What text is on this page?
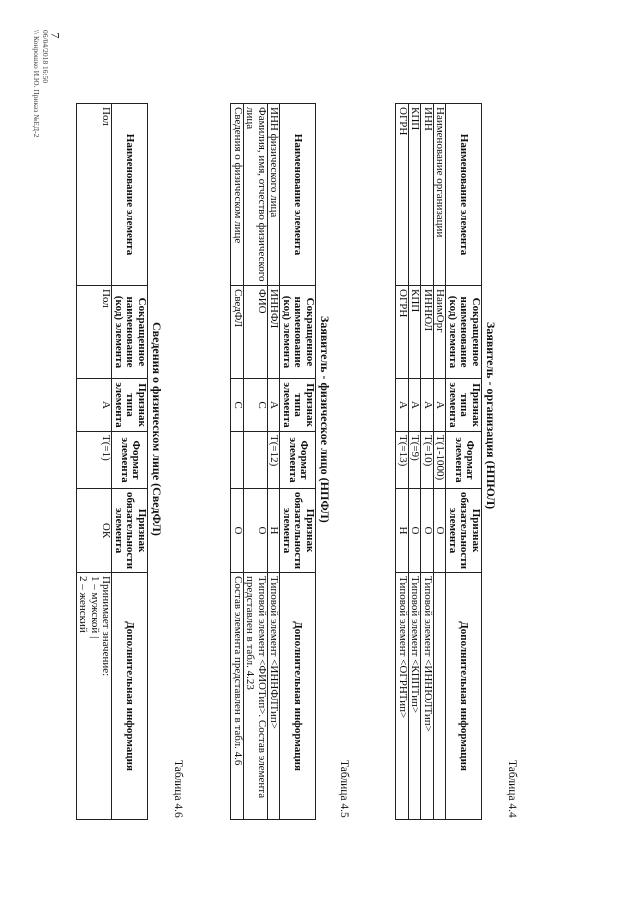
7
Таблица 4.4
Заявитель - организация (НПЮЛ)
Наименование элемента	Сокращенное наименование (код) элемента	Признак типа элемента	Формат элемента	Признак обязательности элемента	Дополнительная информация
Наименование организации	НаимОрг	А	T(1-1000)	О	
ИНН	ИННЮЛ	А	T(=10)	О	Типовой элемент <ИННЮЛТип>
КПП	КПП	А	T(=9)	О	Типовой элемент <КППТип>
ОГРН	ОГРН	А	T(=13)	Н	Типовой элемент <ОГРНТип>
Таблица 4.5
Заявитель - физическое лицо (НПФЛ)
Наименование элемента	Сокращенное наименование (код) элемента	Признак типа элемента	Формат элемента	Признак обязательности элемента	Дополнительная информация
ИНН физического лица	ИННФЛ	А	T(=12)	Н	Типовой элемент <ИННФЛТип>
Фамилия, имя, отчество физического лица	ФИО	С		О	Типовой элемент <ФИОТип>. Состав элемента представлен в табл. 4.23
Сведения о физическом лице	СведФЛ	С		О	Состав элемента представлен в табл. 4.6
Таблица 4.6
Сведения о физическом лице (СведФЛ)
Наименование элемента	Сокращенное наименование (код) элемента	Признак типа элемента	Формат элемента	Признак обязательности элемента	Дополнительная информация
Пол	Пол	А	T(=1)	ОК	Принимает значение:
1 – мужской |
2 – женский
06/04/2018 16:50
\\ Конрошко И.Ю. Приказ №ЕД-2
